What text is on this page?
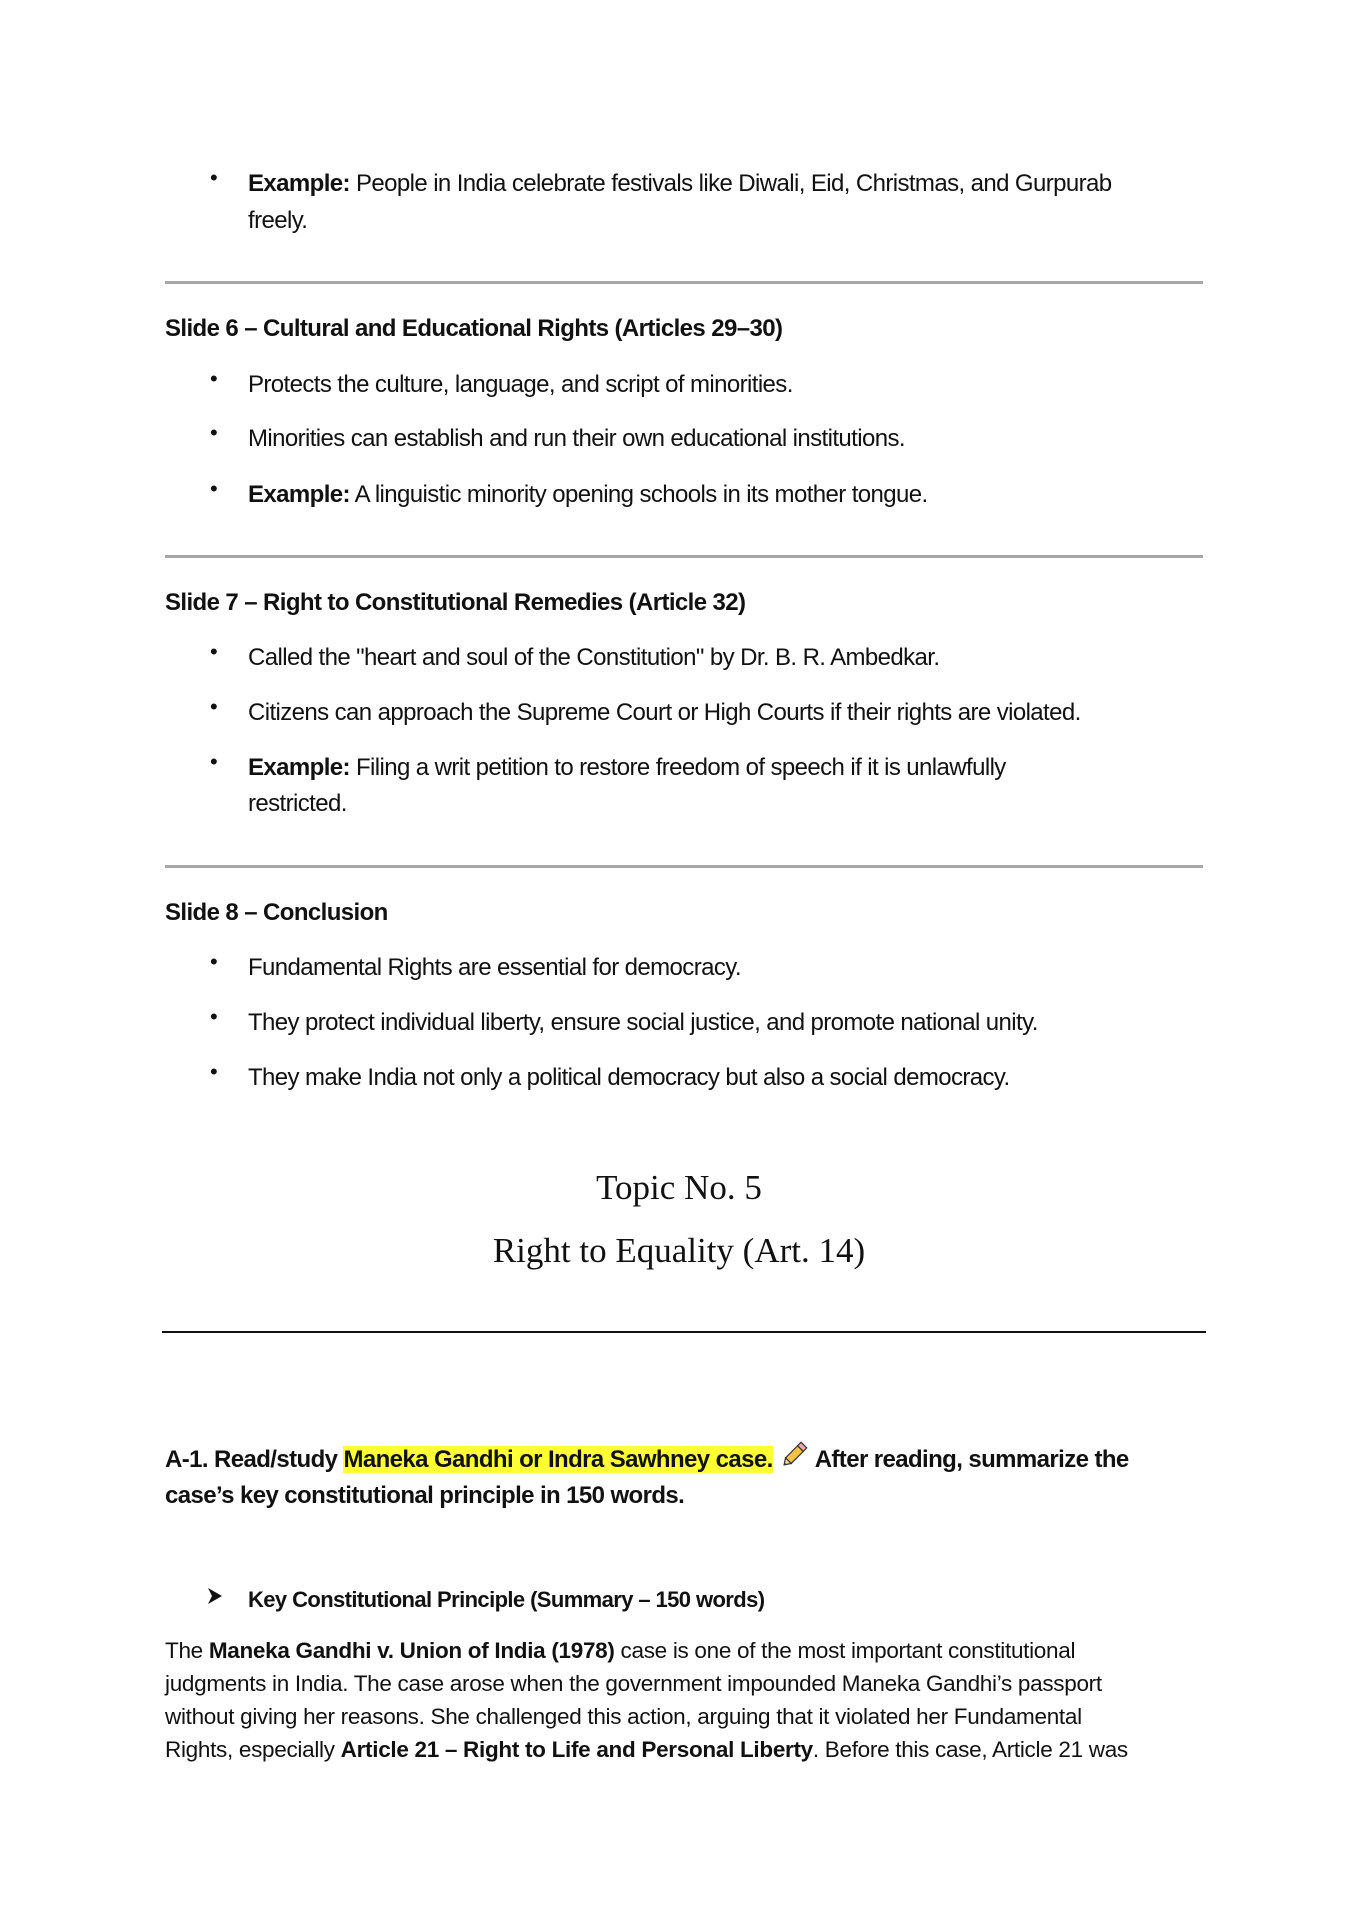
• Example: People in India celebrate festivals like Diwali, Eid, Christmas, and Gurpurab
freely.
Slide 6 – Cultural and Educational Rights (Articles 29–30)
• Protects the culture, language, and script of minorities.
• Minorities can establish and run their own educational institutions.
• Example: A linguistic minority opening schools in its mother tongue.
Slide 7 – Right to Constitutional Remedies (Article 32)
• Called the "heart and soul of the Constitution" by Dr. B. R. Ambedkar.
• Citizens can approach the Supreme Court or High Courts if their rights are violated.
• Example: Filing a writ petition to restore freedom of speech if it is unlawfully
restricted.
Slide 8 – Conclusion
• Fundamental Rights are essential for democracy.
• They protect individual liberty, ensure social justice, and promote national unity.
• They make India not only a political democracy but also a social democracy.
Topic No. 5
Right to Equality (Art. 14)
A-1. Read/study Maneka Gandhi or Indra Sawhney case. After reading, summarize the
case’s key constitutional principle in 150 words.
Key Constitutional Principle (Summary – 150 words)
The Maneka Gandhi v. Union of India (1978) case is one of the most important constitutional
judgments in India. The case arose when the government impounded Maneka Gandhi’s passport
without giving her reasons. She challenged this action, arguing that it violated her Fundamental
Rights, especially Article 21 – Right to Life and Personal Liberty. Before this case, Article 21 was
